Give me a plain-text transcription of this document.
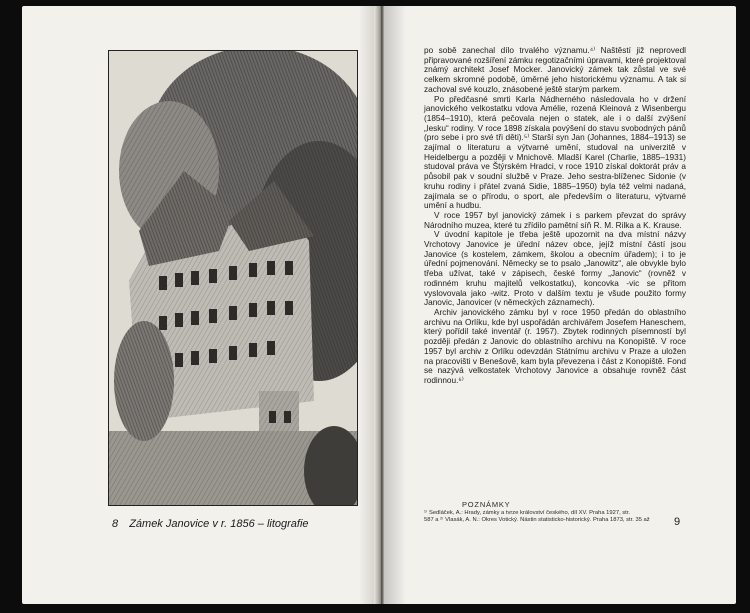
8 Zámek Janovice v r. 1856 – litografie

po sobě zanechal dílo trvalého významu.⁴⁾ Naštěstí již neprovedl připravované rozšíření zámku regotizačními úpravami, které projektoval známý architekt Josef Mocker. Janovický zámek tak zůstal ve své celkem skromné podobě, úměrné jeho historickému významu. A tak si zachoval své kouzlo, znásobené ještě starým parkem.

Po předčasné smrti Karla Nádherného následovala ho v držení janovického velkostatku vdova Amélie, rozená Kleinová z Wisenbergu (1854–1910), která pečovala nejen o statek, ale i o další zvýšení „lesku“ rodiny. V roce 1898 získala povýšení do stavu svobodných pánů (pro sebe i pro své tři děti).⁵⁾ Starší syn Jan (Johannes, 1884–1913) se zajímal o literaturu a výtvarné umění, studoval na univerzitě v Heidelbergu a později v Mnichově. Mladší Karel (Charlie, 1885–1931) studoval práva ve Štýrském Hradci, v roce 1910 získal doktorát práv a působil pak v soudní službě v Praze. Jeho sestra-blíženec Sidonie (v kruhu rodiny i přátel zvaná Sidie, 1885–1950) byla též velmi nadaná, zajímala se o přírodu, o sport, ale především o literaturu, výtvarné umění a hudbu.

V roce 1957 byl janovický zámek i s parkem převzat do správy Národního muzea, které tu zřídilo pamětní síň R. M. Rilka a K. Krause.

V úvodní kapitole je třeba ještě upozornit na dva místní názvy Vrchotovy Janovice je úřední název obce, jejíž místní částí jsou Janovice (s kostelem, zámkem, školou a obecním úřadem); i to je úřední pojmenování. Německy se to psalo „Janowitz“, ale obvykle bylo třeba užívat, také v zápisech, české formy „Janovic“ (rovněž v rodinném kruhu majitelů velkostatku), koncovka -vic se přitom vyslovovala jako -witz. Proto v dalším textu je všude použito formy Janovic, Janovicer (v německých záznamech).

Archiv janovického zámku byl v roce 1950 předán do oblastního archivu na Orlíku, kde byl uspořádán archivářem Josefem Haneschem, který pořídil také inventář (r. 1957). Zbytek rodinných písemností byl později předán z Janovic do oblastního archivu na Konopiště. V roce 1957 byl archiv z Orlíku odevzdán Státnímu archivu v Praze a uložen na pracovišti v Benešově, kam byla převezena i část z Konopiště. Fond se nazývá velkostatek Vrchotovy Janovice a obsahuje rovněž část rodinnou.⁶⁾

POZNÁMKY
¹⁾ Sedláček, A.: Hrady, zámky a tvrze království českého, díl XV. Praha 1927, str.
587 a ²⁾ Vlasák, A. N.: Okres Votický. Nástin statisticko-historický. Praha 1873, str. 35 až	9
